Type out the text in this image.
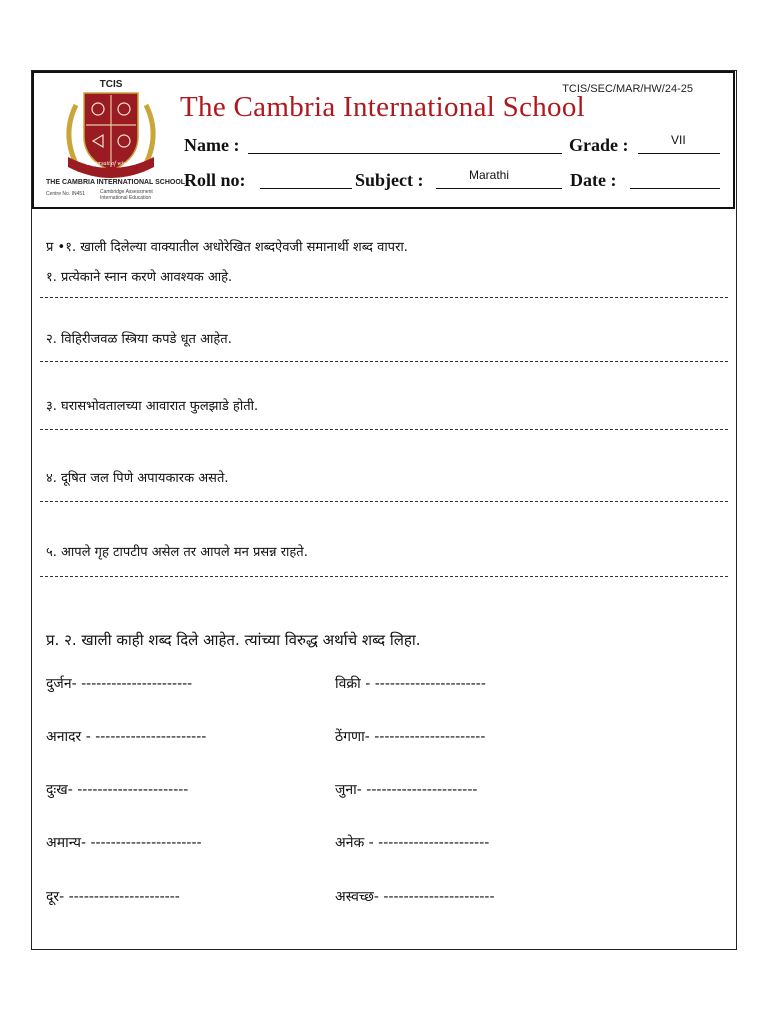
TCIS
In pursuit of wisdom
THE CAMBRIA INTERNATIONAL SCHOOL
Centre No. IN451	Cambridge Assessment International Education
TCIS/SEC/MAR/HW/24-25
The Cambria International School
Name :	Grade :	VII
Roll no:	Subject :	Marathi	Date :
प्र •१. खाली दिलेल्या वाक्यातील अधोरेखित शब्दऐवजी समानार्थी शब्द वापरा.
१. प्रत्येकाने स्नान करणे आवश्यक आहे.
२. विहिरीजवळ स्त्रिया कपडे धूत आहेत.
३. घरासभोवतालच्या आवारात फुलझाडे होती.
४. दूषित जल पिणे अपायकारक असते.
५. आपले गृह टापटीप असेल तर आपले मन प्रसन्न राहते.
प्र. २. खाली काही शब्द दिले आहेत. त्यांच्या विरुद्ध अर्थाचे शब्द लिहा.
दुर्जन- ----------------------	विक्री - ----------------------
अनादर - ----------------------	ठेंगणा- ----------------------
दुःख- ----------------------	जुना- ----------------------
अमान्य- ----------------------	अनेक - ----------------------
दूर- ----------------------	अस्वच्छ- ----------------------
